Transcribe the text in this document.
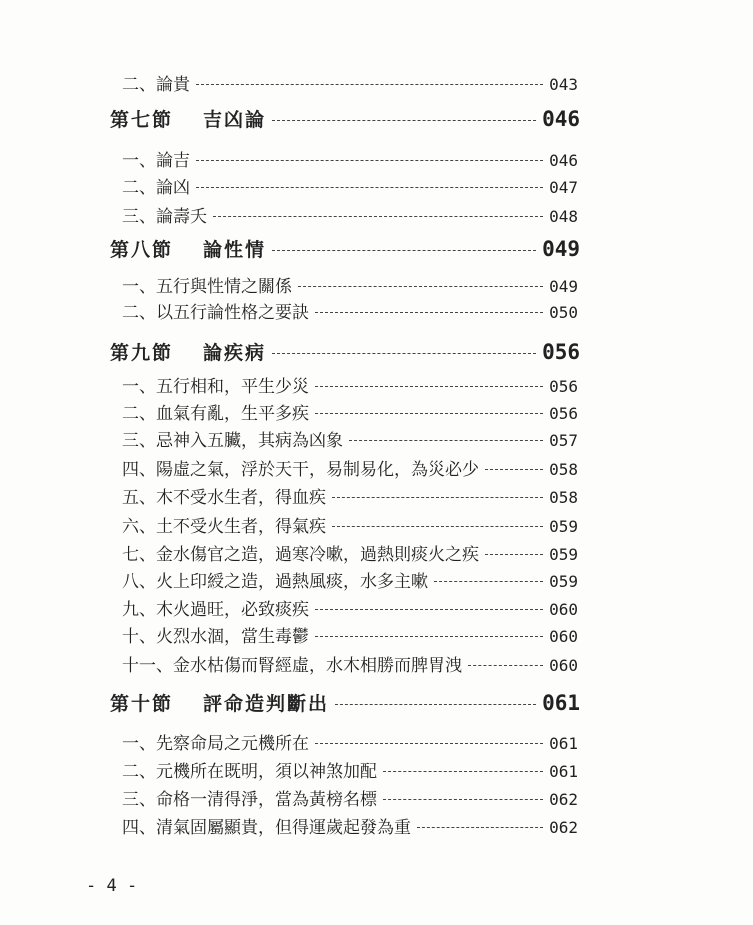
二、論貴	043
第七節 吉凶論	046
一、論吉	046
二、論凶	047
三、論壽夭	048
第八節 論性情	049
一、五行與性情之關係	049
二、以五行論性格之要訣	050
第九節 論疾病	056
一、五行相和，平生少災	056
二、血氣有亂，生平多疾	056
三、忌神入五臟，其病為凶象	057
四、陽虛之氣，浮於天干，易制易化，為災必少	058
五、木不受水生者，得血疾	058
六、土不受火生者，得氣疾	059
七、金水傷官之造，過寒冷嗽，過熱則痰火之疾	059
八、火上印綬之造，過熱風痰，水多主嗽	059
九、木火過旺，必致痰疾	060
十、火烈水涸，當生毒鬱	060
十一、金水枯傷而腎經虛，水木相勝而脾胃洩	060
第十節 評命造判斷出	061
一、先察命局之元機所在	061
二、元機所在既明，須以神煞加配	061
三、命格一清得淨，當為黃榜名標	062
四、清氣固屬顯貴，但得運歲起發為重	062
- 4 -
